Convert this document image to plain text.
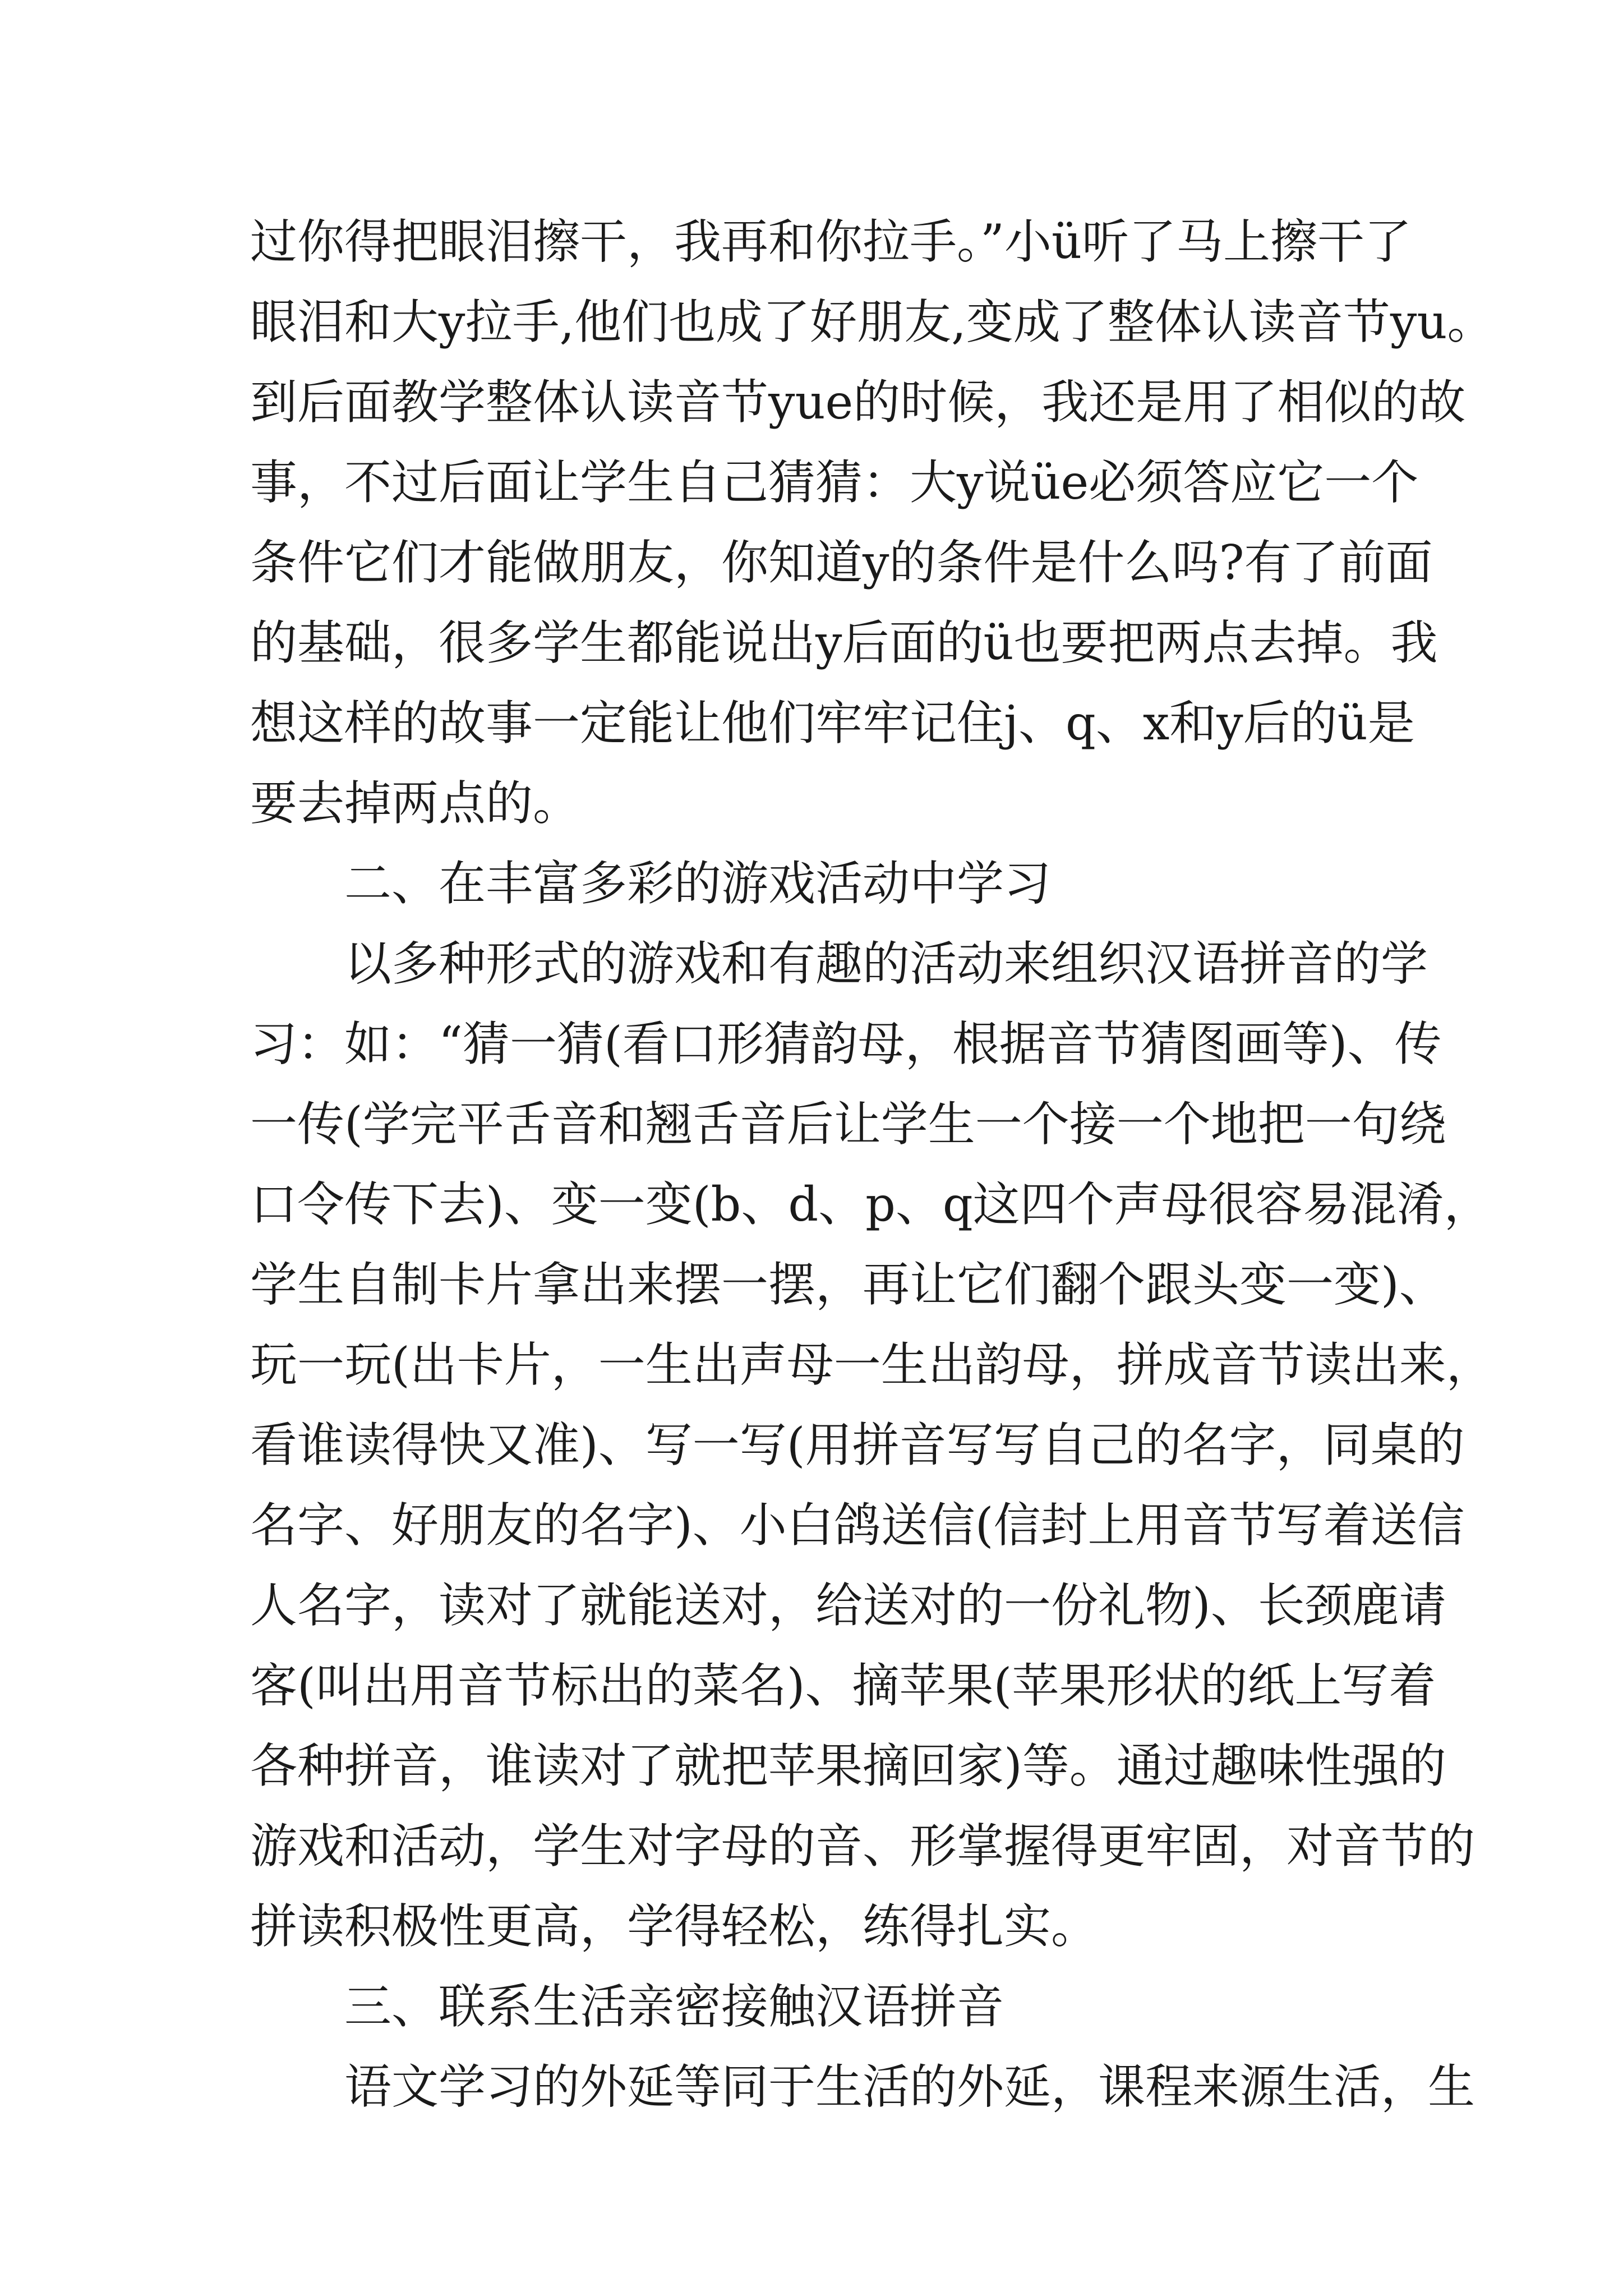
过你得把眼泪擦干，我再和你拉手。”小ü听了马上擦干了
眼泪和大y拉手,他们也成了好朋友,变成了整体认读音节yu。
到后面教学整体认读音节yue的时候，我还是用了相似的故
事，不过后面让学生自己猜猜：大y说üe必须答应它一个
条件它们才能做朋友，你知道y的条件是什么吗?有了前面
的基础，很多学生都能说出y后面的ü也要把两点去掉。我
想这样的故事一定能让他们牢牢记住j、q、x和y后的ü是
要去掉两点的。
二、在丰富多彩的游戏活动中学习
以多种形式的游戏和有趣的活动来组织汉语拼音的学
习：如：“猜一猜(看口形猜韵母，根据音节猜图画等)、传
一传(学完平舌音和翘舌音后让学生一个接一个地把一句绕
口令传下去)、变一变(b、d、p、q这四个声母很容易混淆，
学生自制卡片拿出来摆一摆，再让它们翻个跟头变一变)、
玩一玩(出卡片，一生出声母一生出韵母，拼成音节读出来，
看谁读得快又准)、写一写(用拼音写写自己的名字，同桌的
名字、好朋友的名字)、小白鸽送信(信封上用音节写着送信
人名字，读对了就能送对，给送对的一份礼物)、长颈鹿请
客(叫出用音节标出的菜名)、摘苹果(苹果形状的纸上写着
各种拼音，谁读对了就把苹果摘回家)等。通过趣味性强的
游戏和活动，学生对字母的音、形掌握得更牢固，对音节的
拼读积极性更高，学得轻松，练得扎实。
三、联系生活亲密接触汉语拼音
语文学习的外延等同于生活的外延，课程来源生活，生
